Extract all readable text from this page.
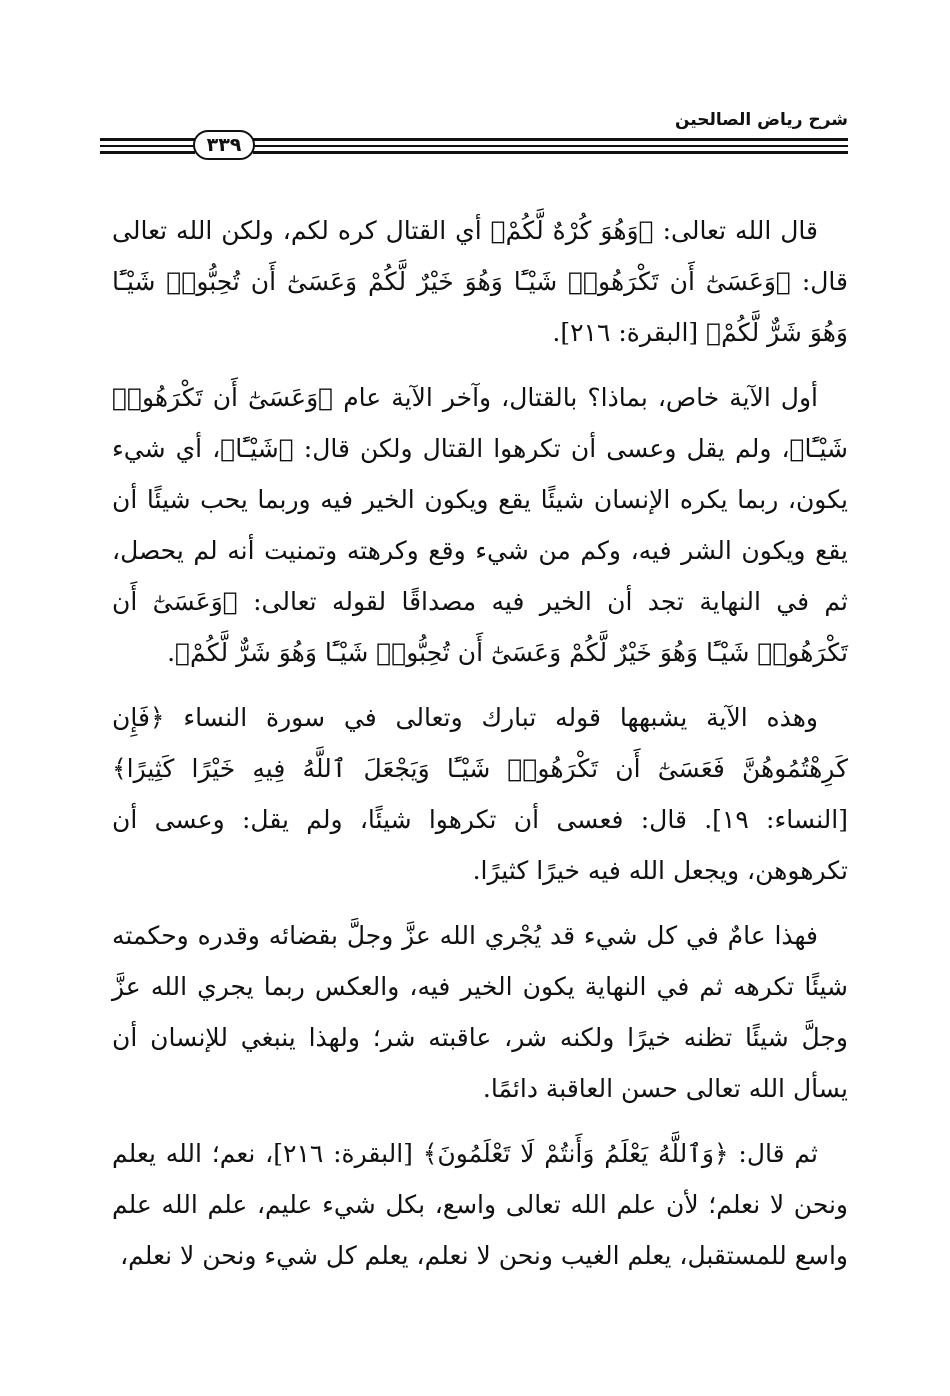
شرح رياض الصالحين
٣٣٩

قال الله تعالى: ﴿وَهُوَ كُرْهٌ لَّكُمْ﴾ أي القتال كره لكم، ولكن الله تعالى قال: ﴿وَعَسَىٰٓ أَن تَكْرَهُوا۟ شَيْـًٔا وَهُوَ خَيْرٌ لَّكُمْ وَعَسَىٰٓ أَن تُحِبُّوا۟ شَيْـًٔا وَهُوَ شَرٌّ لَّكُمْ﴾ [البقرة: ٢١٦].

أول الآية خاص، بماذا؟ بالقتال، وآخر الآية عام ﴿وَعَسَىٰٓ أَن تَكْرَهُوا۟ شَيْـًٔا﴾، ولم يقل وعسى أن تكرهوا القتال ولكن قال: ﴿شَيْـًٔا﴾، أي شيء يكون، ربما يكره الإنسان شيئًا يقع ويكون الخير فيه وربما يحب شيئًا أن يقع ويكون الشر فيه، وكم من شيء وقع وكرهته وتمنيت أنه لم يحصل، ثم في النهاية تجد أن الخير فيه مصداقًا لقوله تعالى: ﴿وَعَسَىٰٓ أَن تَكْرَهُوا۟ شَيْـًٔا وَهُوَ خَيْرٌ لَّكُمْ وَعَسَىٰٓ أَن تُحِبُّوا۟ شَيْـًٔا وَهُوَ شَرٌّ لَّكُمْ﴾.

وهذه الآية يشبهها قوله تبارك وتعالى في سورة النساء ﴿فَإِن كَرِهْتُمُوهُنَّ فَعَسَىٰٓ أَن تَكْرَهُوا۟ شَيْـًٔا وَيَجْعَلَ ٱللَّهُ فِيهِ خَيْرًا كَثِيرًا﴾ [النساء: ١٩]. قال: فعسى أن تكرهوا شيئًا، ولم يقل: وعسى أن تكرهوهن، ويجعل الله فيه خيرًا كثيرًا.

فهذا عامٌ في كل شيء قد يُجْري الله عزَّ وجلَّ بقضائه وقدره وحكمته شيئًا تكرهه ثم في النهاية يكون الخير فيه، والعكس ربما يجري الله عزَّ وجلَّ شيئًا تظنه خيرًا ولكنه شر، عاقبته شر؛ ولهذا ينبغي للإنسان أن يسأل الله تعالى حسن العاقبة دائمًا.

ثم قال: ﴿وَٱللَّهُ يَعْلَمُ وَأَنتُمْ لَا تَعْلَمُونَ﴾ [البقرة: ٢١٦]، نعم؛ الله يعلم ونحن لا نعلم؛ لأن علم الله تعالى واسع، بكل شيء عليم، علم الله علم واسع للمستقبل، يعلم الغيب ونحن لا نعلم، يعلم كل شيء ونحن لا نعلم،
